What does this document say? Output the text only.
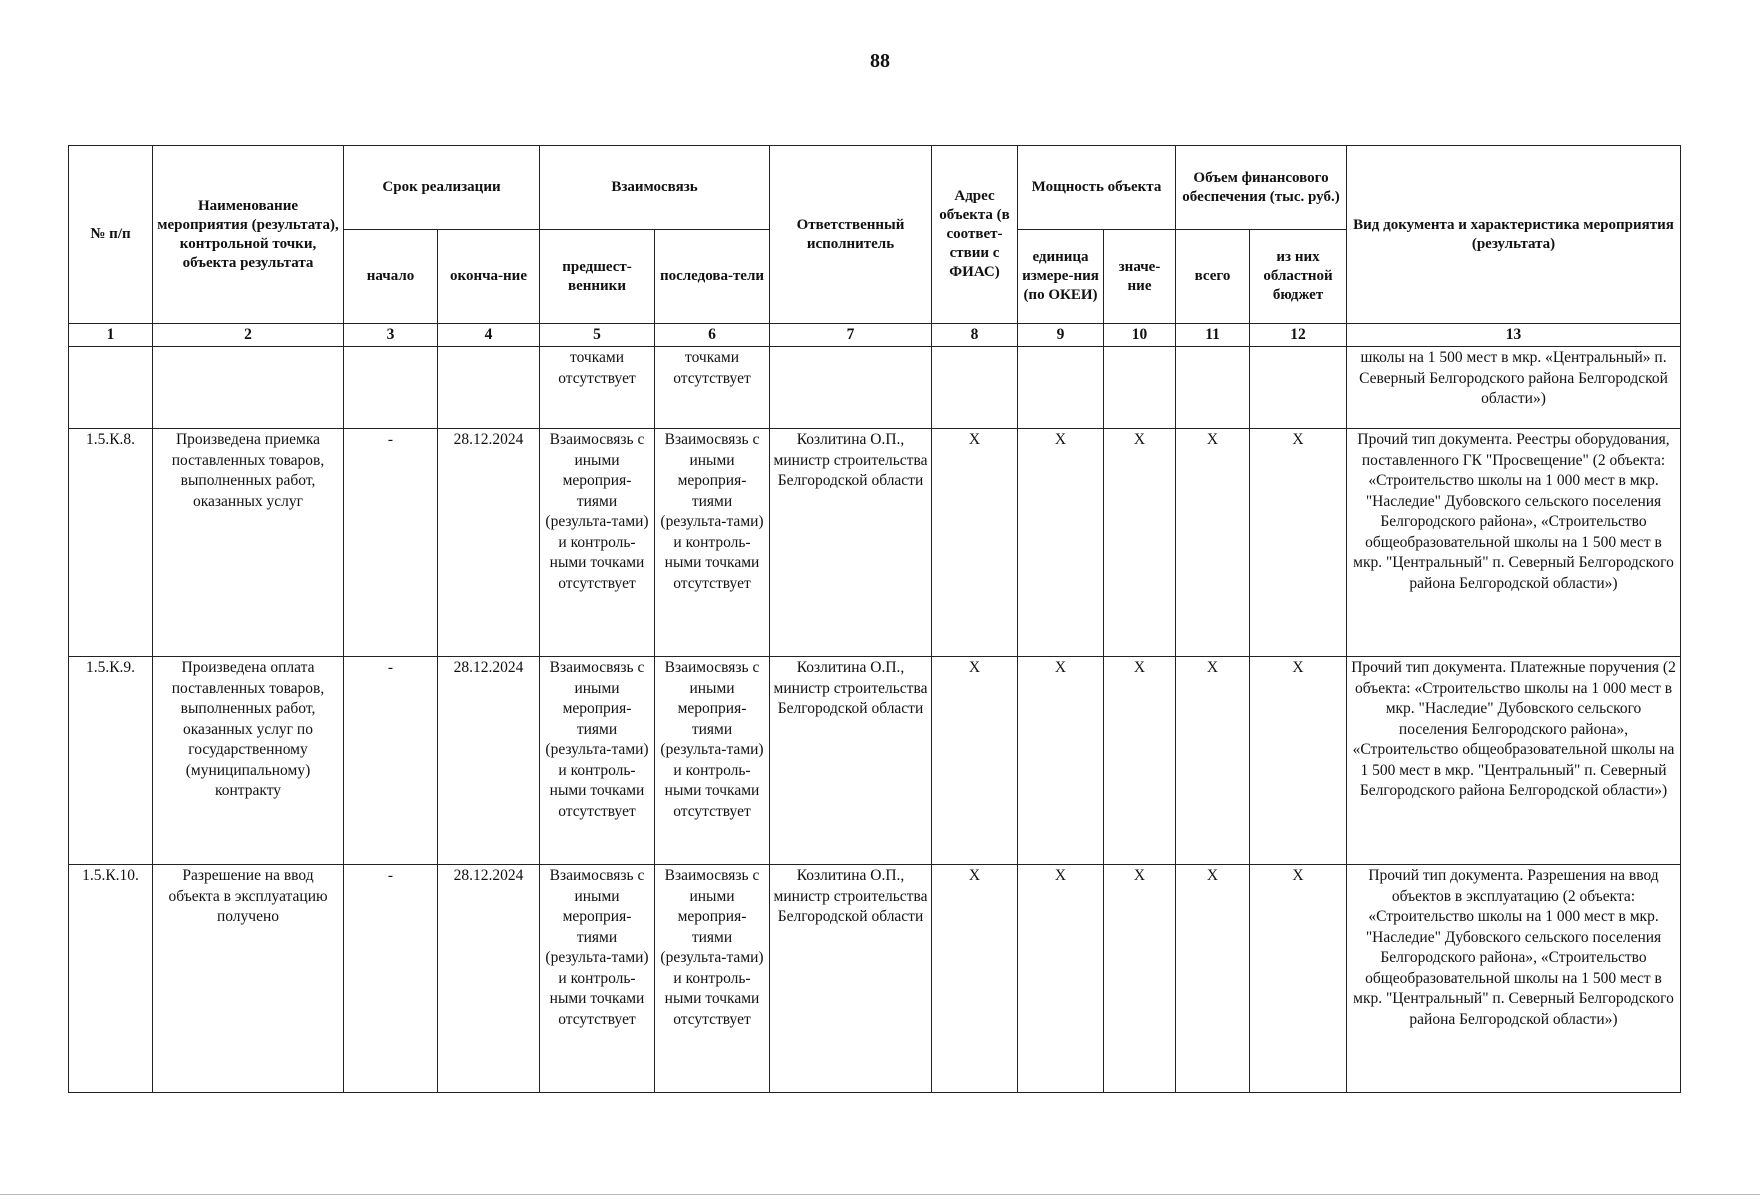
88
№ п/п	Наименование мероприятия (результата), контрольной точки, объекта результата	Срок реализации		Взаимосвязь		Ответственный исполнитель	Адрес объекта (в соответ-ствии с ФИАС)	Мощность объекта		Объем финансового обеспечения (тыс. руб.)		Вид документа и характеристика мероприятия (результата)
		начало	оконча-ние	предшест-венники	последова-тели			единица измере-ния (по ОКЕИ)	значе-ние	всего	из них областной бюджет	
1	2	3	4	5	6	7	8	9	10	11	12	13
				точками отсутствует	точками отсутствует							школы на 1 500 мест в мкр. «Центральный» п. Северный Белгородского района Белгородской области»)
1.5.К.8.	Произведена приемка поставленных товаров, выполненных работ, оказанных услуг	-	28.12.2024	Взаимосвязь с иными мероприя-тиями (результа-тами) и контроль-ными точками отсутствует	Взаимосвязь с иными мероприя-тиями (результа-тами) и контроль-ными точками отсутствует	Козлитина О.П., министр строительства Белгородской области	X	X	X	X	X	Прочий тип документа. Реестры оборудования, поставленного ГК "Просвещение" (2 объекта: «Строительство школы на 1 000 мест в мкр. "Наследие" Дубовского сельского поселения Белгородского района», «Строительство общеобразовательной школы на 1 500 мест в мкр. "Центральный" п. Северный Белгородского района Белгородской области»)
1.5.К.9.	Произведена оплата поставленных товаров, выполненных работ, оказанных услуг по государственному (муниципальному) контракту	-	28.12.2024	Взаимосвязь с иными мероприя-тиями (результа-тами) и контроль-ными точками отсутствует	Взаимосвязь с иными мероприя-тиями (результа-тами) и контроль-ными точками отсутствует	Козлитина О.П., министр строительства Белгородской области	X	X	X	X	X	Прочий тип документа. Платежные поручения (2 объекта: «Строительство школы на 1 000 мест в мкр. "Наследие" Дубовского сельского поселения Белгородского района», «Строительство общеобразовательной школы на 1 500 мест в мкр. "Центральный" п. Северный Белгородского района Белгородской области»)
1.5.К.10.	Разрешение на ввод объекта в эксплуатацию получено	-	28.12.2024	Взаимосвязь с иными мероприя-тиями (результа-тами) и контроль-ными точками отсутствует	Взаимосвязь с иными мероприя-тиями (результа-тами) и контроль-ными точками отсутствует	Козлитина О.П., министр строительства Белгородской области	X	X	X	X	X	Прочий тип документа. Разрешения на ввод объектов в эксплуатацию (2 объекта: «Строительство школы на 1 000 мест в мкр. "Наследие" Дубовского сельского поселения Белгородского района», «Строительство общеобразовательной школы на 1 500 мест в мкр. "Центральный" п. Северный Белгородского района Белгородской области»)
